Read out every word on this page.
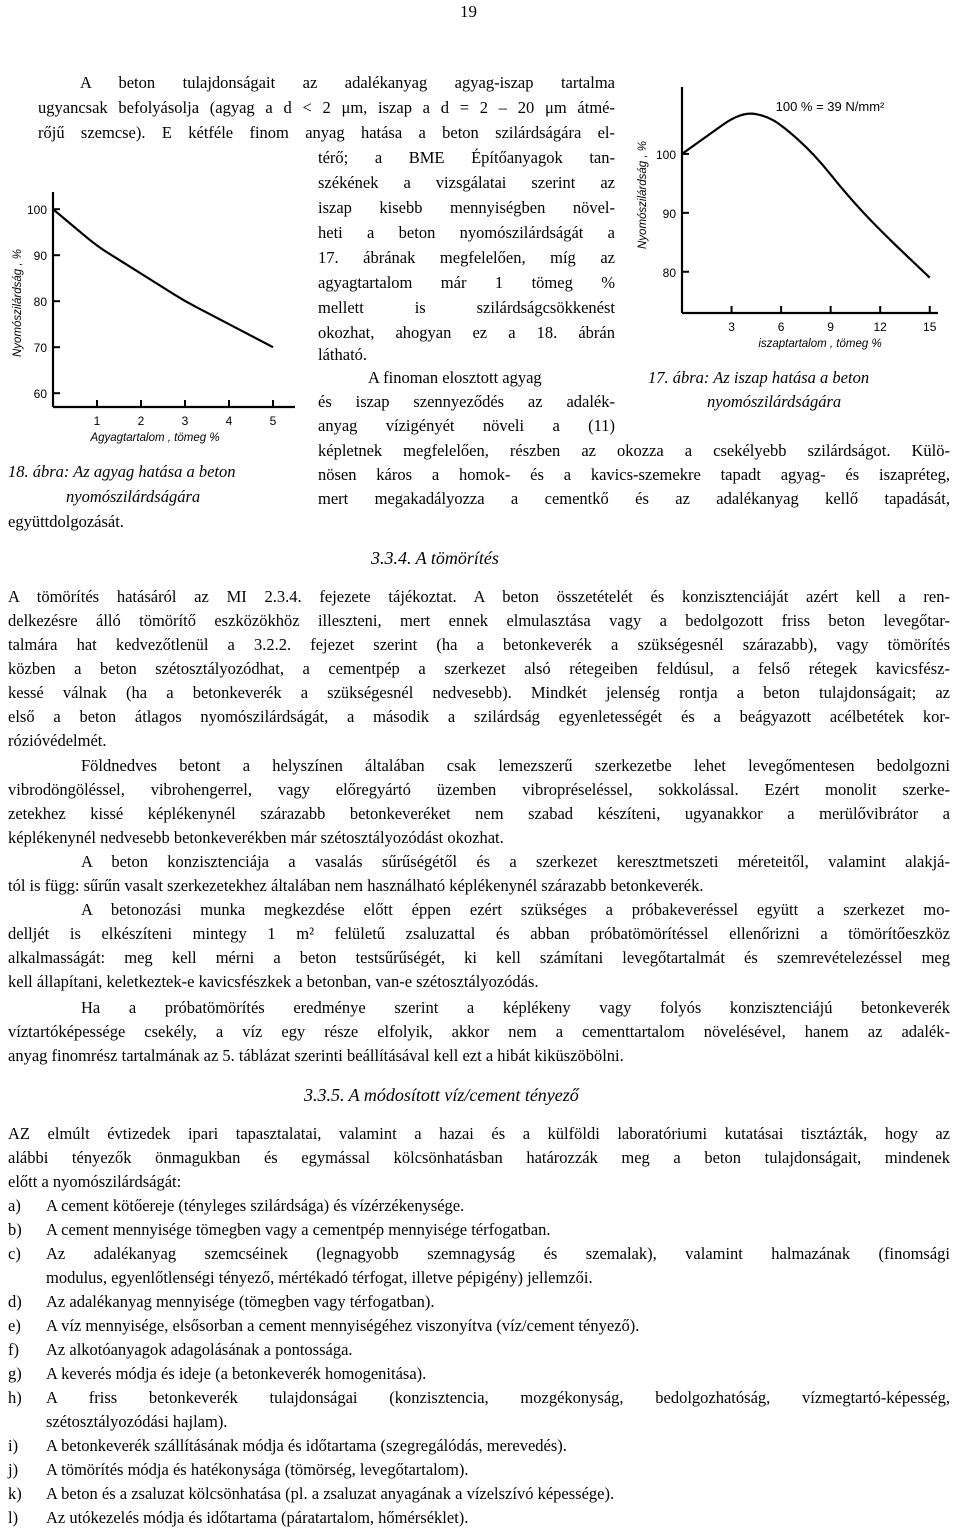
19
A beton tulajdonságait az adalékanyag agyag-iszap tartalma
ugyancsak befolyásolja (agyag a d < 2 μm, iszap a d = 2 – 20 μm átmé-
rőjű szemcse). E kétféle finom anyag hatása a beton szilárdságára el-
térő; a BME Építőanyagok tan-
székének a vizsgálatai szerint az
iszap kisebb mennyiségben növel-
heti a beton nyomószilárdságát a
17. ábrának megfelelően, míg az
agyagtartalom már 1 tömeg %
mellett is szilárdságcsökkenést
okozhat, ahogyan ez a 18. ábrán
látható.
A finoman elosztott agyag
és iszap szennyeződés az adalék-
anyag vízigényét növeli a (11)
képletnek megfelelően, részben az okozza a csekélyebb szilárdságot. Külö-
nösen káros a homok- és a kavics-szemekre tapadt agyag- és iszapréteg,
mert megakadályozza a cementkő és az adalékanyag kellő tapadását,
100
90
80
70
60
1	2	3	4	5
Nyomószilárdság , %
Agyagtartalom , tömeg %
18. ábra: Az agyag hatása a beton
nyomószilárdságára
együttdolgozását.
100
90
80
3	6	9	12	15
Nyomószilárdság , %
iszaptartalom , tömeg %
100 % = 39 N/mm²
17. ábra: Az iszap hatása a beton
nyomószilárdságára
3.3.4. A tömörítés
A tömörítés hatásáról az MI 2.3.4. fejezete tájékoztat. A beton összetételét és konzisztenciáját azért kell a ren-
delkezésre álló tömörítő eszközökhöz illeszteni, mert ennek elmulasztása vagy a bedolgozott friss beton levegőtar-
talmára hat kedvezőtlenül a 3.2.2. fejezet szerint (ha a betonkeverék a szükségesnél szárazabb), vagy tömörítés
közben a beton szétosztályozódhat, a cementpép a szerkezet alsó rétegeiben feldúsul, a felső rétegek kavicsfész-
kessé válnak (ha a betonkeverék a szükségesnél nedvesebb). Mindkét jelenség rontja a beton tulajdonságait; az
első a beton átlagos nyomószilárdságát, a második a szilárdság egyenletességét és a beágyazott acélbetétek kor-
rózióvédelmét.
Földnedves betont a helyszínen általában csak lemezszerű szerkezetbe lehet levegőmentesen bedolgozni
vibrodöngöléssel, vibrohengerrel, vagy előregyártó üzemben vibropréseléssel, sokkolással. Ezért monolit szerke-
zetekhez kissé képlékenynél szárazabb betonkeveréket nem szabad készíteni, ugyanakkor a merülővibrátor a
képlékenynél nedvesebb betonkeverékben már szétosztályozódást okozhat.
A beton konzisztenciája a vasalás sűrűségétől és a szerkezet keresztmetszeti méreteitől, valamint alakjá-
tól is függ: sűrűn vasalt szerkezetekhez általában nem használható képlékenynél szárazabb betonkeverék.
A betonozási munka megkezdése előtt éppen ezért szükséges a próbakeveréssel együtt a szerkezet mo-
delljét is elkészíteni mintegy 1 m² felületű zsaluzattal és abban próbatömörítéssel ellenőrizni a tömörítőeszköz
alkalmasságát: meg kell mérni a beton testsűrűségét, ki kell számítani levegőtartalmát és szemrevételezéssel meg
kell állapítani, keletkeztek-e kavicsfészkek a betonban, van-e szétosztályozódás.
Ha a próbatömörítés eredménye szerint a képlékeny vagy folyós konzisztenciájú betonkeverék
víztartóképessége csekély, a víz egy része elfolyik, akkor nem a cementtartalom növelésével, hanem az adalék-
anyag finomrész tartalmának az 5. táblázat szerinti beállításával kell ezt a hibát kiküszöbölni.
3.3.5. A módosított víz/cement tényező
AZ elmúlt évtizedek ipari tapasztalatai, valamint a hazai és a külföldi laboratóriumi kutatásai tisztázták, hogy az
alábbi tényezők önmagukban és egymással kölcsönhatásban határozzák meg a beton tulajdonságait, mindenek
előtt a nyomószilárdságát:
a)	A cement kötőereje (tényleges szilárdsága) és vízérzékenysége.
b)	A cement mennyisége tömegben vagy a cementpép mennyisége térfogatban.
c)	Az adalékanyag szemcséinek (legnagyobb szemnagyság és szemalak), valamint halmazának (finomsági
modulus, egyenlőtlenségi tényező, mértékadó térfogat, illetve pépigény) jellemzői.
d)	Az adalékanyag mennyisége (tömegben vagy térfogatban).
e)	A víz mennyisége, elsősorban a cement mennyiségéhez viszonyítva (víz/cement tényező).
f)	Az alkotóanyagok adagolásának a pontossága.
g)	A keverés módja és ideje (a betonkeverék homogenitása).
h)	A friss betonkeverék tulajdonságai (konzisztencia, mozgékonyság, bedolgozhatóság, vízmegtartó-képesség,
szétosztályozódási hajlam).
i)	A betonkeverék szállításának módja és időtartama (szegregálódás, merevedés).
j)	A tömörítés módja és hatékonysága (tömörség, levegőtartalom).
k)	A beton és a zsaluzat kölcsönhatása (pl. a zsaluzat anyagának a vízelszívó képessége).
l)	Az utókezelés módja és időtartama (páratartalom, hőmérséklet).
